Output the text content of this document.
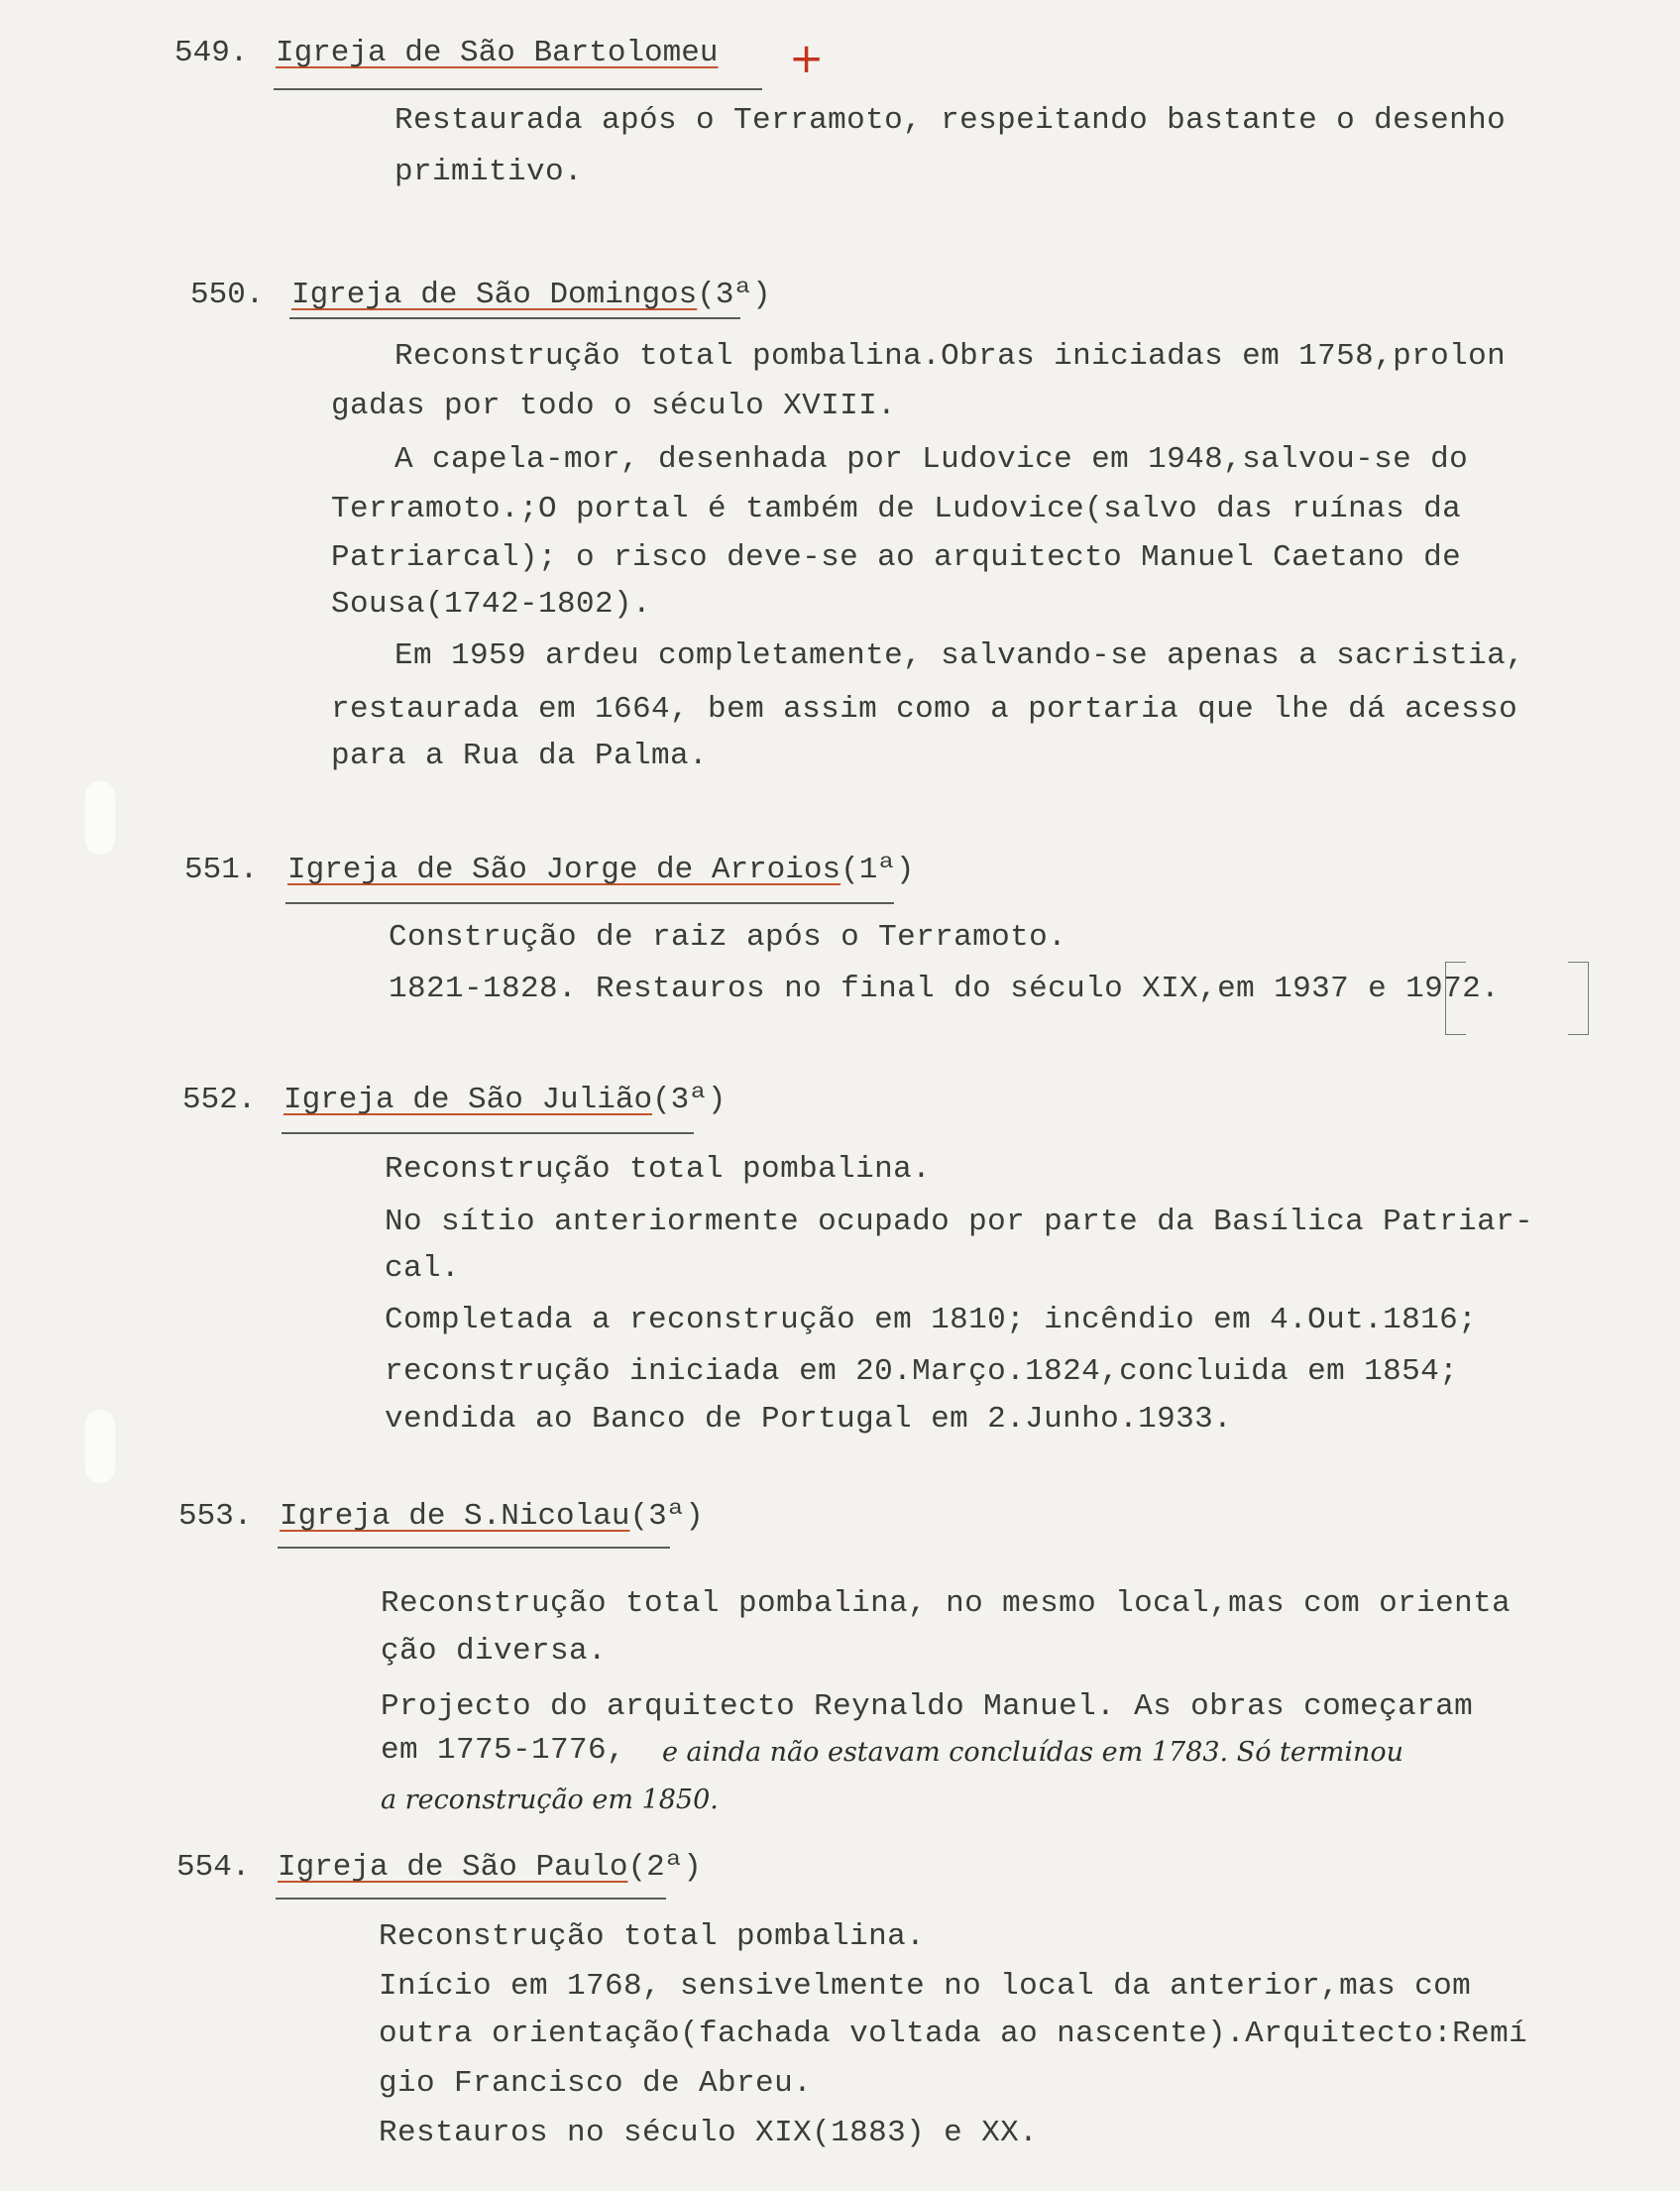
549. Igreja de São Bartolomeu +
Restaurada após o Terramoto, respeitando bastante o desenho
primitivo.
550. Igreja de São Domingos(3ª)
Reconstrução total pombalina.Obras iniciadas em 1758,prolon
gadas por todo o século XVIII.
A capela-mor, desenhada por Ludovice em 1948,salvou-se do
Terramoto.;O portal é também de Ludovice(salvo das ruínas da
Patriarcal); o risco deve-se ao arquitecto Manuel Caetano de
Sousa(1742-1802).
Em 1959 ardeu completamente, salvando-se apenas a sacristia,
restaurada em 1664, bem assim como a portaria que lhe dá acesso
para a Rua da Palma.
551. Igreja de São Jorge de Arroios(1ª)
Construção de raiz após o Terramoto.
1821-1828. Restauros no final do século XIX,em 1937 e 1972.
552. Igreja de São Julião(3ª)
Reconstrução total pombalina.
No sítio anteriormente ocupado por parte da Basílica Patriar-
cal.
Completada a reconstrução em 1810; incêndio em 4.Out.1816;
reconstrução iniciada em 20.Março.1824,concluida em 1854;
vendida ao Banco de Portugal em 2.Junho.1933.
553. Igreja de S.Nicolau(3ª)
Reconstrução total pombalina, no mesmo local,mas com orienta
ção diversa.
Projecto do arquitecto Reynaldo Manuel. As obras começaram
em 1775-1776, e ainda não estavam concluídas em 1783. Só terminou
a reconstrução em 1850.
554. Igreja de São Paulo(2ª)
Reconstrução total pombalina.
Início em 1768, sensivelmente no local da anterior,mas com
outra orientação(fachada voltada ao nascente).Arquitecto:Remí
gio Francisco de Abreu.
Restauros no século XIX(1883) e XX.
